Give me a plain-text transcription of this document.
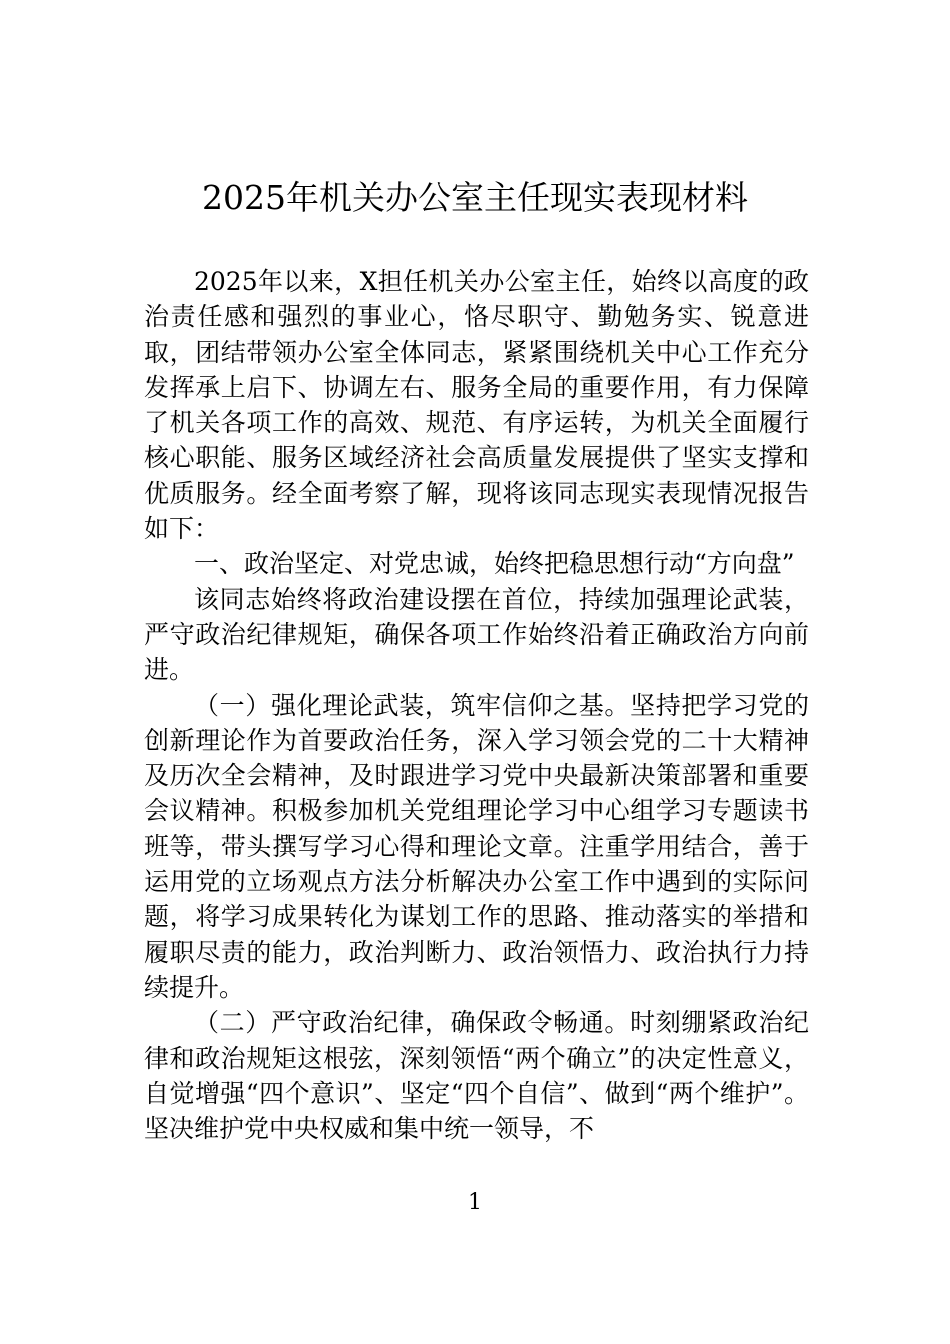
2025年机关办公室主任现实表现材料

2025年以来，X担任机关办公室主任，始终以高度的政治责任感和强烈的事业心，恪尽职守、勤勉务实、锐意进取，团结带领办公室全体同志，紧紧围绕机关中心工作充分发挥承上启下、协调左右、服务全局的重要作用，有力保障了机关各项工作的高效、规范、有序运转，为机关全面履行核心职能、服务区域经济社会高质量发展提供了坚实支撑和优质服务。经全面考察了解，现将该同志现实表现情况报告如下：

一、政治坚定、对党忠诚，始终把稳思想行动“方向盘”

该同志始终将政治建设摆在首位，持续加强理论武装，严守政治纪律规矩，确保各项工作始终沿着正确政治方向前进。

（一）强化理论武装，筑牢信仰之基。坚持把学习党的创新理论作为首要政治任务，深入学习领会党的二十大精神及历次全会精神，及时跟进学习党中央最新决策部署和重要会议精神。积极参加机关党组理论学习中心组学习专题读书班等，带头撰写学习心得和理论文章。注重学用结合，善于运用党的立场观点方法分析解决办公室工作中遇到的实际问题，将学习成果转化为谋划工作的思路、推动落实的举措和履职尽责的能力，政治判断力、政治领悟力、政治执行力持续提升。

（二）严守政治纪律，确保政令畅通。时刻绷紧政治纪律和政治规矩这根弦，深刻领悟“两个确立”的决定性意义，自觉增强“四个意识”、坚定“四个自信”、做到“两个维护”。坚决维护党中央权威和集中统一领导，不

1
